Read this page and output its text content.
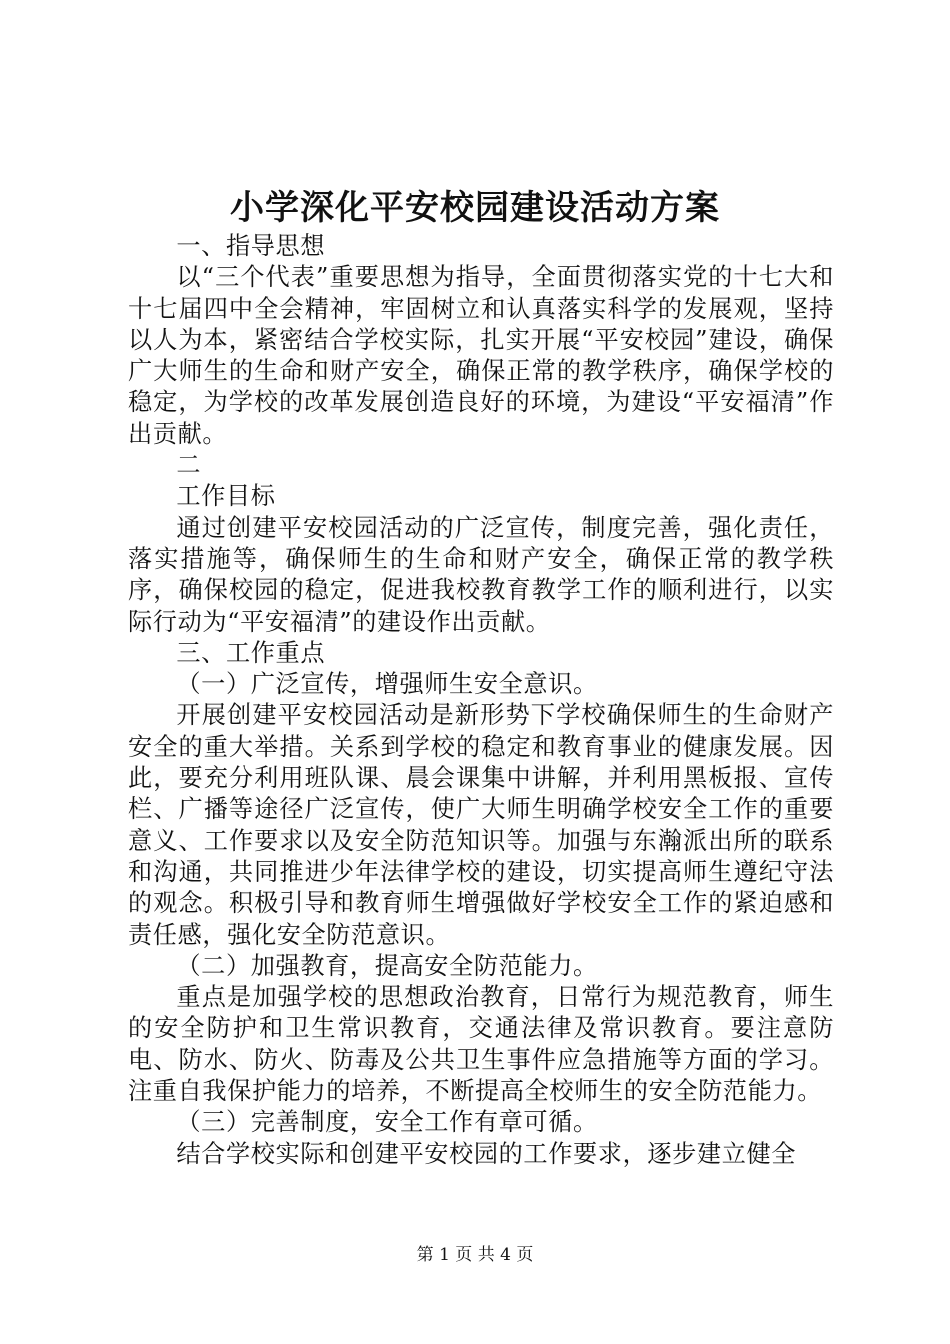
小学深化平安校园建设活动方案

一、指导思想

以“三个代表”重要思想为指导，全面贯彻落实党的十七大和十七届四中全会精神，牢固树立和认真落实科学的发展观，坚持以人为本，紧密结合学校实际，扎实开展“平安校园”建设，确保广大师生的生命和财产安全，确保正常的教学秩序，确保学校的稳定，为学校的改革发展创造良好的环境，为建设“平安福清”作出贡献。

二

工作目标

通过创建平安校园活动的广泛宣传，制度完善，强化责任，落实措施等，确保师生的生命和财产安全，确保正常的教学秩序，确保校园的稳定，促进我校教育教学工作的顺利进行，以实际行动为“平安福清”的建设作出贡献。

三、工作重点

（一）广泛宣传，增强师生安全意识。

开展创建平安校园活动是新形势下学校确保师生的生命财产安全的重大举措。关系到学校的稳定和教育事业的健康发展。因此，要充分利用班队课、晨会课集中讲解，并利用黑板报、宣传栏、广播等途径广泛宣传，使广大师生明确学校安全工作的重要意义、工作要求以及安全防范知识等。加强与东瀚派出所的联系和沟通，共同推进少年法律学校的建设，切实提高师生遵纪守法的观念。积极引导和教育师生增强做好学校安全工作的紧迫感和责任感，强化安全防范意识。

（二）加强教育，提高安全防范能力。

重点是加强学校的思想政治教育，日常行为规范教育，师生的安全防护和卫生常识教育，交通法律及常识教育。要注意防电、防水、防火、防毒及公共卫生事件应急措施等方面的学习。注重自我保护能力的培养，不断提高全校师生的安全防范能力。

（三）完善制度，安全工作有章可循。

结合学校实际和创建平安校园的工作要求，逐步建立健全

第 1 页 共 4 页
